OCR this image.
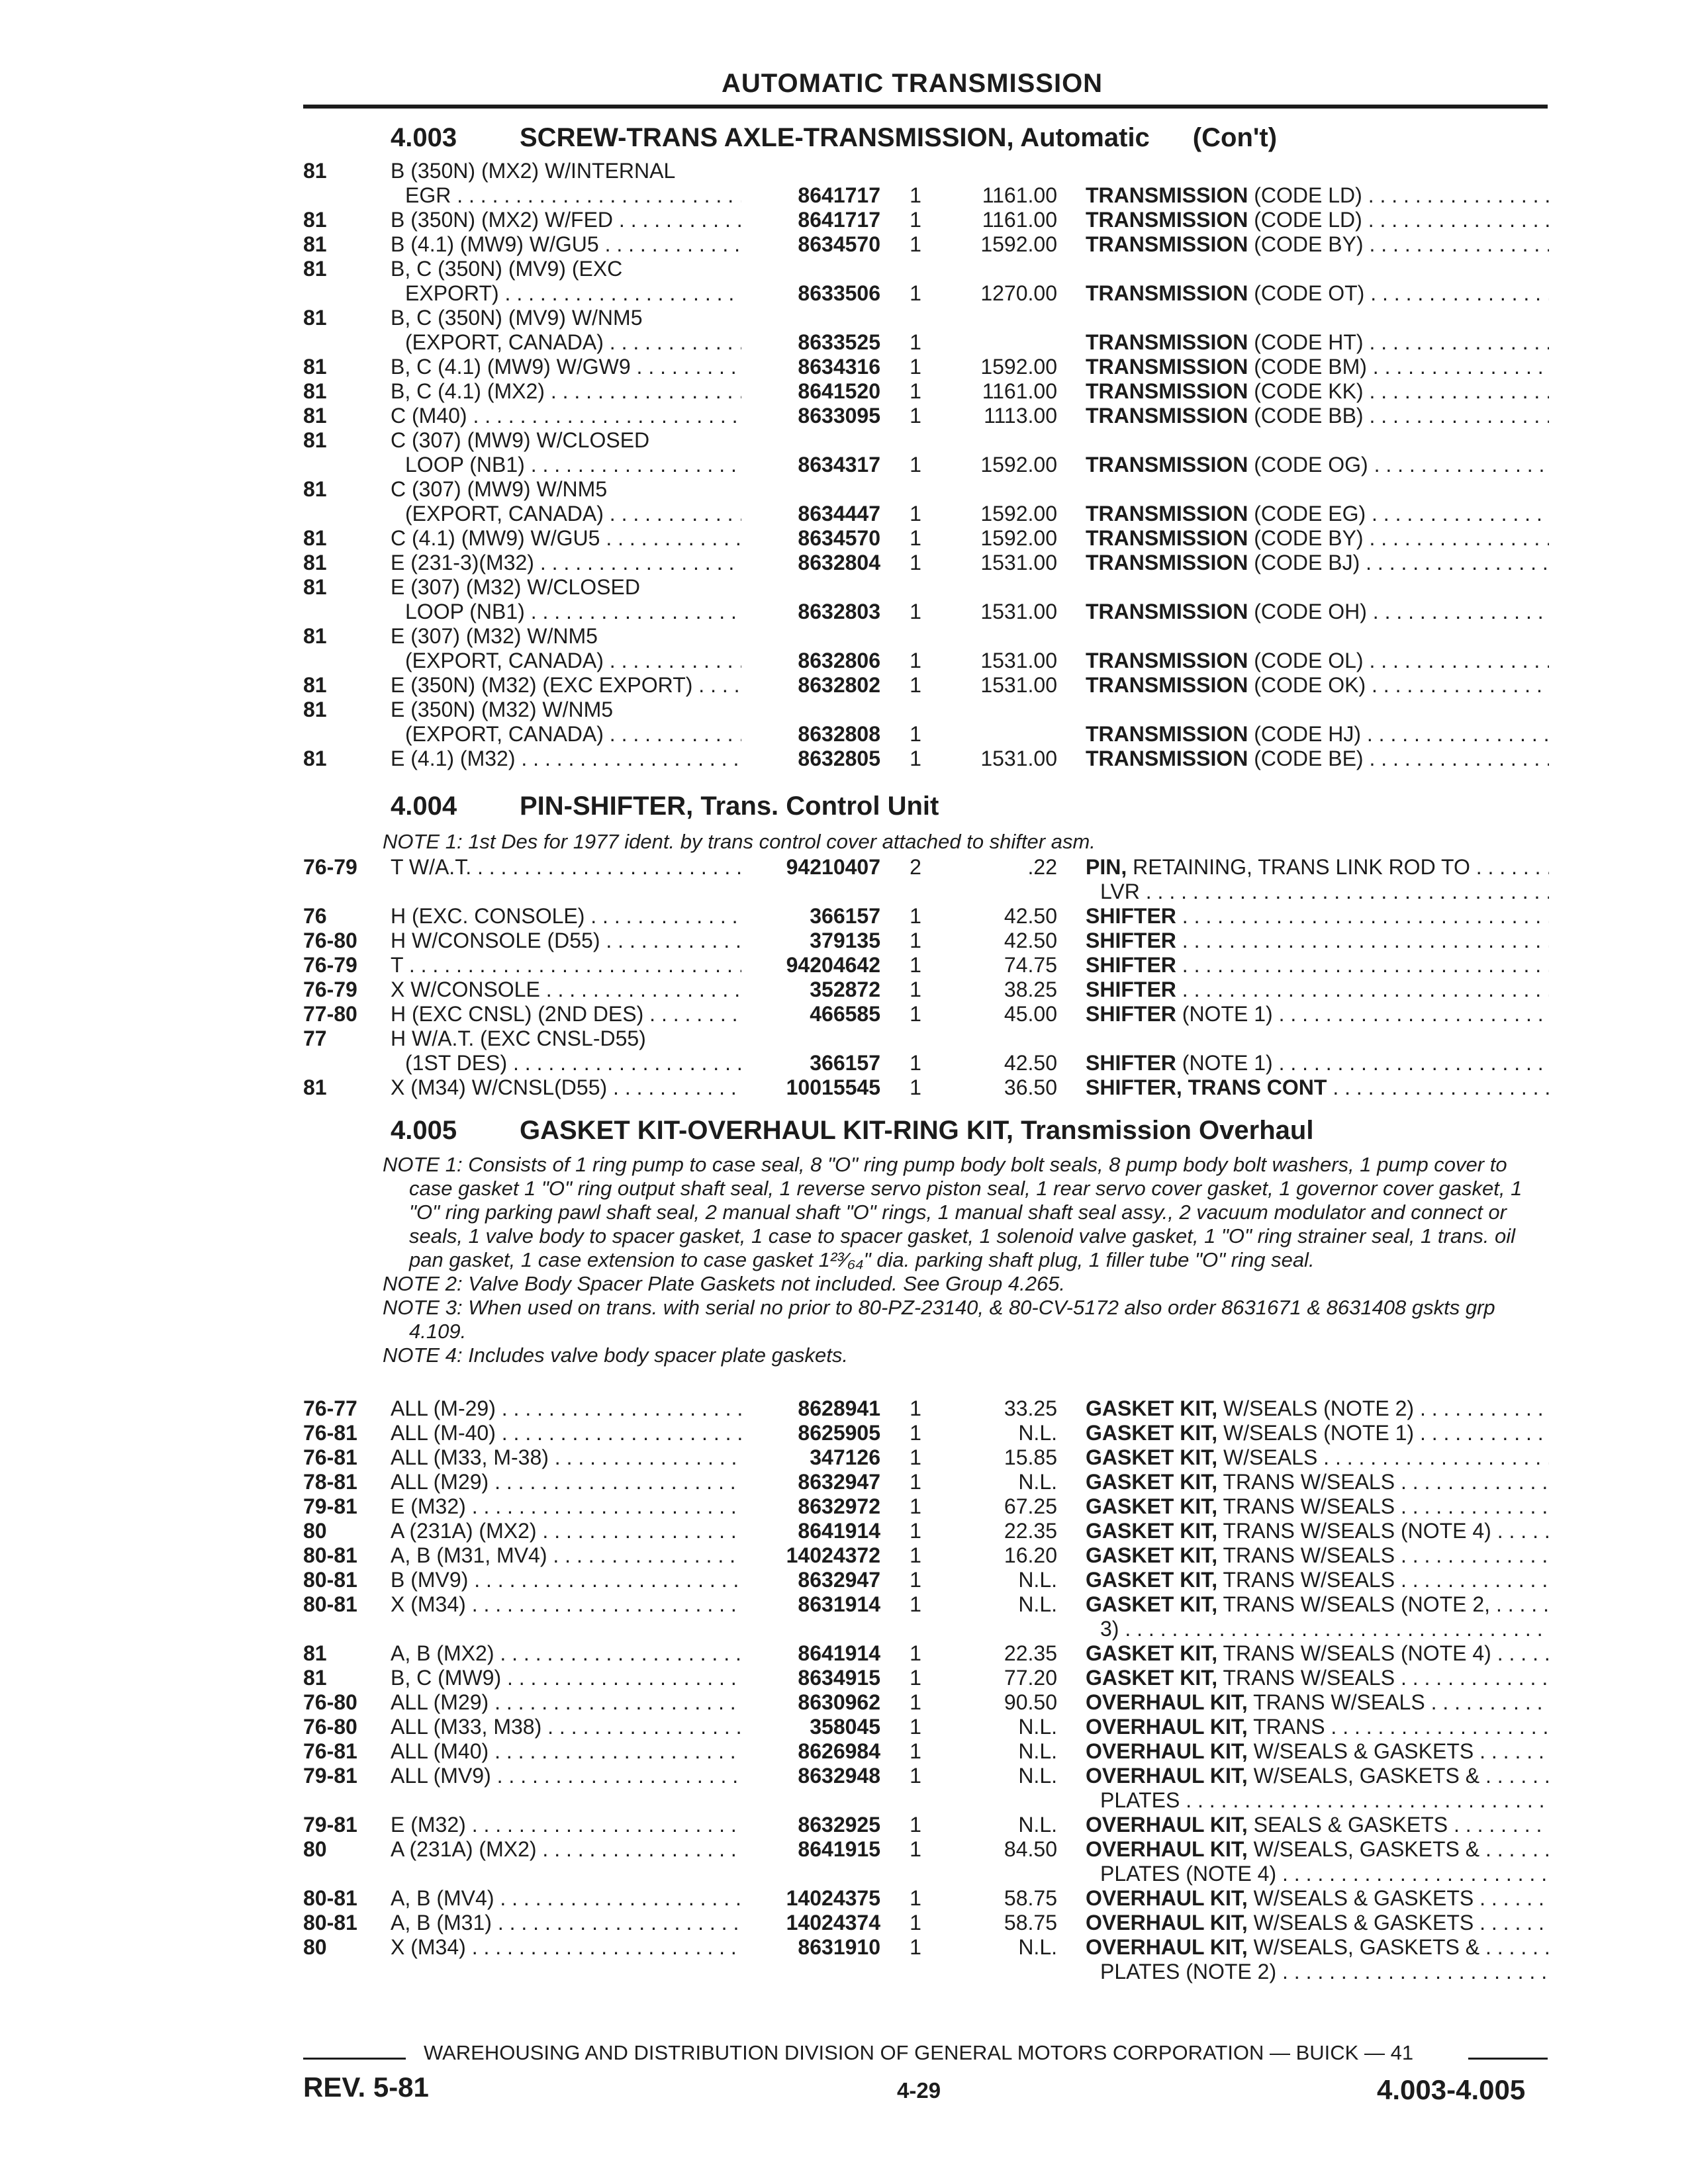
AUTOMATIC TRANSMISSION
4.003 SCREW-TRANS AXLE-TRANSMISSION, Automatic (Con't)
81	B (350N) (MX2) W/INTERNAL
EGR . . .	8641717 1	1161.00 TRANSMISSION (CODE LD) . . .
81	B (350N) (MX2) W/FED . . .	8641717 1	1161.00 TRANSMISSION (CODE LD) . . .
81	B (4.1) (MW9) W/GU5 . . .	8634570 1	1592.00 TRANSMISSION (CODE BY) . . .
81	B, C (350N) (MV9) (EXC
EXPORT) . . .	8633506 1	1270.00 TRANSMISSION (CODE OT) . . .
81	B, C (350N) (MV9) W/NM5
(EXPORT, CANADA) . . .	8633525 1	TRANSMISSION (CODE HT) . . .
81	B, C (4.1) (MW9) W/GW9 . . .	8634316 1	1592.00 TRANSMISSION (CODE BM) . . .
81	B, C (4.1) (MX2) . . .	8641520 1	1161.00 TRANSMISSION (CODE KK) . . .
81	C (M40) . . .	8633095 1	1113.00 TRANSMISSION (CODE BB) . . .
81	C (307) (MW9) W/CLOSED
LOOP (NB1) . . .	8634317 1	1592.00 TRANSMISSION (CODE OG) . . .
81	C (307) (MW9) W/NM5
(EXPORT, CANADA) . . .	8634447 1	1592.00 TRANSMISSION (CODE EG) . . .
81	C (4.1) (MW9) W/GU5 . . .	8634570 1	1592.00 TRANSMISSION (CODE BY) . . .
81	E (231-3)(M32) . . .	8632804 1	1531.00 TRANSMISSION (CODE BJ) . . .
81	E (307) (M32) W/CLOSED
LOOP (NB1) . . .	8632803 1	1531.00 TRANSMISSION (CODE OH) . . .
81	E (307) (M32) W/NM5
(EXPORT, CANADA) . . .	8632806 1	1531.00 TRANSMISSION (CODE OL) . . .
81	E (350N) (M32) (EXC EXPORT) . . .	8632802 1	1531.00 TRANSMISSION (CODE OK) . . .
81	E (350N) (M32) W/NM5
(EXPORT, CANADA) . . .	8632808 1	TRANSMISSION (CODE HJ) . . .
81	E (4.1) (M32) . . .	8632805 1	1531.00 TRANSMISSION (CODE BE) . . .
4.004 PIN-SHIFTER, Trans. Control Unit
NOTE 1: 1st Des for 1977 ident. by trans control cover attached to shifter asm.
76-79 T W/A.T. . . .	94210407 2	.22 PIN, RETAINING, TRANS LINK ROD TO . . .
LVR . . .
76	H (EXC. CONSOLE) . . .	366157 1	42.50 SHIFTER . . .
76-80 H W/CONSOLE (D55) . . .	379135 1	42.50 SHIFTER . . .
76-79 T . . .	94204642 1	74.75 SHIFTER . . .
76-79 X W/CONSOLE . . .	352872 1	38.25 SHIFTER . . .
77-80 H (EXC CNSL) (2ND DES) . . .	466585 1	45.00 SHIFTER (NOTE 1) . . .
77	H W/A.T. (EXC CNSL-D55)
(1ST DES) . . .	366157 1	42.50 SHIFTER (NOTE 1) . . .
81	X (M34) W/CNSL(D55) . . .	10015545 1	36.50 SHIFTER, TRANS CONT . . .
4.005 GASKET KIT-OVERHAUL KIT-RING KIT, Transmission Overhaul
NOTE 1: Consists of 1 ring pump to case seal, 8 "O" ring pump body bolt seals, 8 pump body bolt washers, 1 pump cover to case gasket 1 "O" ring output shaft seal, 1 reverse servo piston seal, 1 rear servo cover gasket, 1 governor cover gasket, 1 "O" ring parking pawl shaft seal, 2 manual shaft "O" rings, 1 manual shaft seal assy., 2 vacuum modulator and connect or seals, 1 valve body to spacer gasket, 1 case to spacer gasket, 1 solenoid valve gasket, 1 "O" ring strainer seal, 1 trans. oil pan gasket, 1 case extension to case gasket 1²³⁄₆₄" dia. parking shaft plug, 1 filler tube "O" ring seal.
NOTE 2: Valve Body Spacer Plate Gaskets not included. See Group 4.265.
NOTE 3: When used on trans. with serial no prior to 80-PZ-23140, & 80-CV-5172 also order 8631671 & 8631408 gskts grp 4.109.
NOTE 4: Includes valve body spacer plate gaskets.
76-77 ALL (M-29) . . .	8628941 1	33.25 GASKET KIT, W/SEALS (NOTE 2) . . .
76-81 ALL (M-40) . . .	8625905 1	N.L. GASKET KIT, W/SEALS (NOTE 1) . . .
76-81 ALL (M33, M-38) . . .	347126 1	15.85 GASKET KIT, W/SEALS . . .
78-81 ALL (M29) . . .	8632947 1	N.L. GASKET KIT, TRANS W/SEALS . . .
79-81 E (M32) . . .	8632972 1	67.25 GASKET KIT, TRANS W/SEALS . . .
80	A (231A) (MX2) . . .	8641914 1	22.35 GASKET KIT, TRANS W/SEALS (NOTE 4) . . .
80-81 A, B (M31, MV4) . . .	14024372 1	16.20 GASKET KIT, TRANS W/SEALS . . .
80-81 B (MV9) . . .	8632947 1	N.L. GASKET KIT, TRANS W/SEALS . . .
80-81 X (M34) . . .	8631914 1	N.L. GASKET KIT, TRANS W/SEALS (NOTE 2, . . .
3) . . .
81	A, B (MX2) . . .	8641914 1	22.35 GASKET KIT, TRANS W/SEALS (NOTE 4) . . .
81	B, C (MW9) . . .	8634915 1	77.20 GASKET KIT, TRANS W/SEALS . . .
76-80 ALL (M29) . . .	8630962 1	90.50 OVERHAUL KIT, TRANS W/SEALS . . .
76-80 ALL (M33, M38) . . .	358045 1	N.L. OVERHAUL KIT, TRANS . . .
76-81 ALL (M40) . . .	8626984 1	N.L. OVERHAUL KIT, W/SEALS & GASKETS . . .
79-81 ALL (MV9) . . .	8632948 1	N.L. OVERHAUL KIT, W/SEALS, GASKETS & . . .
PLATES . . .
79-81 E (M32) . . .	8632925 1	N.L. OVERHAUL KIT, SEALS & GASKETS . . .
80	A (231A) (MX2) . . .	8641915 1	84.50 OVERHAUL KIT, W/SEALS, GASKETS & . . .
PLATES (NOTE 4) . . .
80-81 A, B (MV4) . . .	14024375 1	58.75 OVERHAUL KIT, W/SEALS & GASKETS . . .
80-81 A, B (M31) . . .	14024374 1	58.75 OVERHAUL KIT, W/SEALS & GASKETS . . .
80	X (M34) . . .	8631910 1	N.L. OVERHAUL KIT, W/SEALS, GASKETS & . . .
PLATES (NOTE 2) . . .
WAREHOUSING AND DISTRIBUTION DIVISION OF GENERAL MOTORS CORPORATION — BUICK — 41
REV. 5-81	4-29	4.003-4.005
